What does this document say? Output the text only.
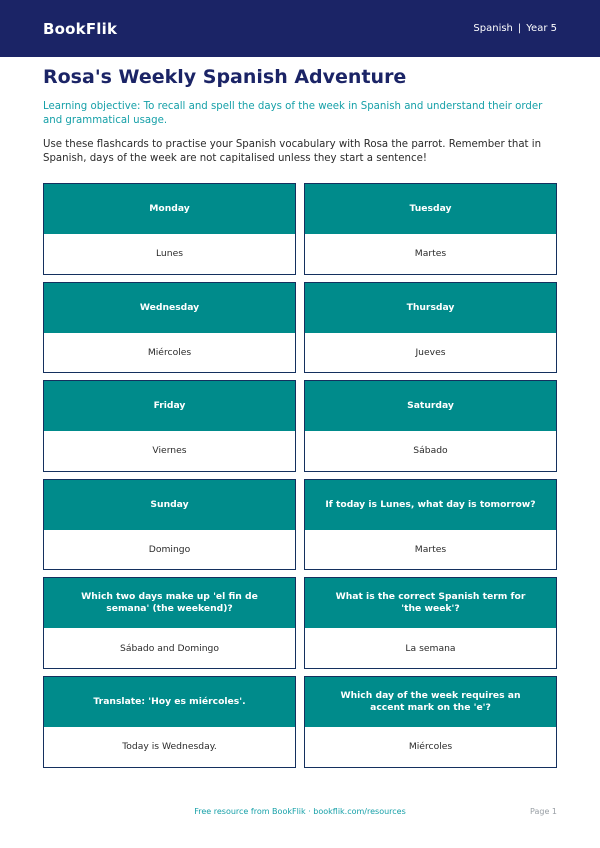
BookFlik	Spanish | Year 5
Rosa's Weekly Spanish Adventure

Learning objective: To recall and spell the days of the week in Spanish and understand their order and grammatical usage.

Use these flashcards to practise your Spanish vocabulary with Rosa the parrot. Remember that in Spanish, days of the week are not capitalised unless they start a sentence!

Monday
Lunes
Tuesday
Martes
Wednesday
Miércoles
Thursday
Jueves
Friday
Viernes
Saturday
Sábado
Sunday
Domingo
If today is Lunes, what day is tomorrow?
Martes
Which two days make up 'el fin de semana' (the weekend)?
Sábado and Domingo
What is the correct Spanish term for 'the week'?
La semana
Translate: 'Hoy es miércoles'.
Today is Wednesday.
Which day of the week requires an accent mark on the 'e'?
Miércoles
Free resource from BookFlik · bookflik.com/resources	Page 1
